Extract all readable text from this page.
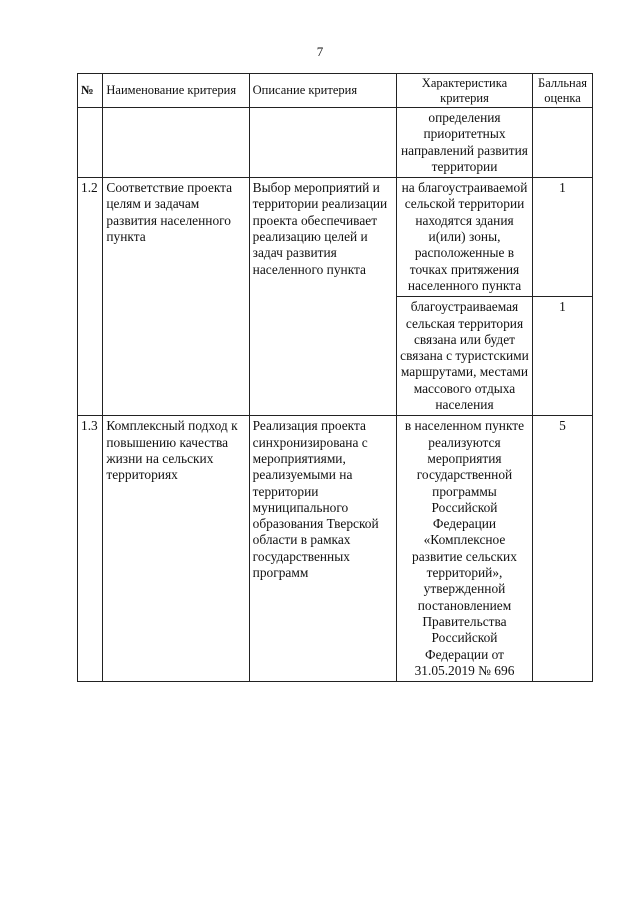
7
№	Наименование критерия	Описание критерия	Характеристика критерия	Балльная оценка
			определения приоритетных направлений развития территории	
1.2	Соответствие проекта целям и задачам развития населенного пункта	Выбор мероприятий и территории реализации проекта обеспечивает реализацию целей и задач развития населенного пункта	на благоустраиваемой сельской территории находятся здания и(или) зоны, расположенные в точках притяжения населенного пункта	1
			благоустраиваемая сельская территория связана или будет связана с туристскими маршрутами, местами массового отдыха населения	1
1.3	Комплексный подход к повышению качества жизни на сельских территориях	Реализация проекта синхронизирована с мероприятиями, реализуемыми на территории муниципального образования Тверской области в рамках государственных программ	в населенном пункте реализуются мероприятия государственной программы Российской Федерации «Комплексное развитие сельских территорий», утвержденной постановлением Правительства Российской Федерации от 31.05.2019 № 696	5
